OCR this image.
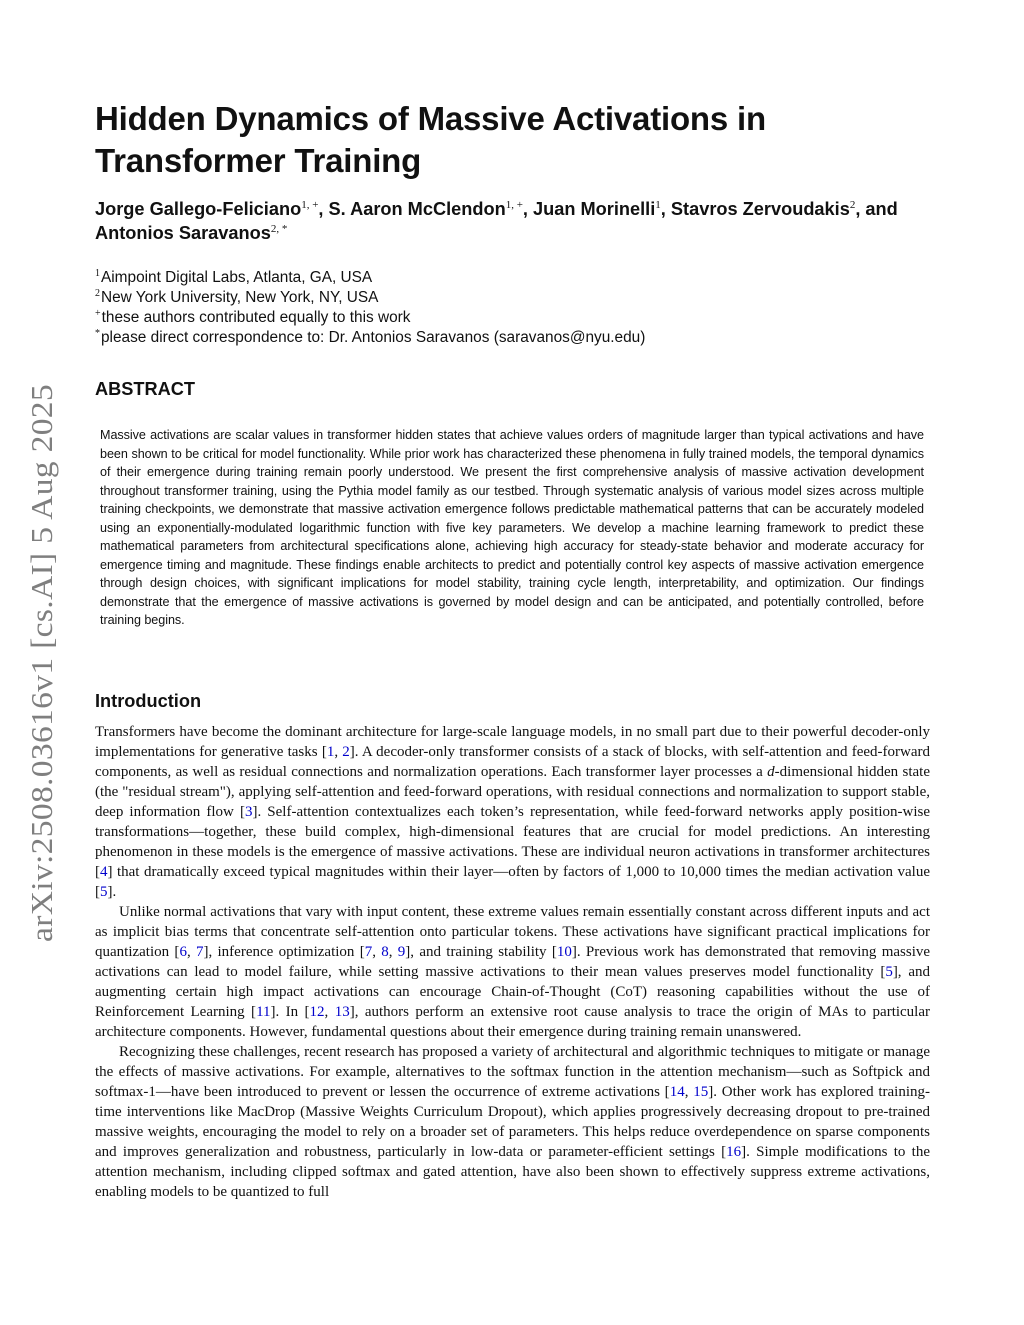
arXiv:2508.03616v1 [cs.AI] 5 Aug 2025
Hidden Dynamics of Massive Activations in Transformer Training
Jorge Gallego-Feliciano$^{1, +}$, S. Aaron McClendon$^{1, +}$, Juan Morinelli$^1$, Stavros Zervoudakis$^2$, and Antonios Saravanos$^{2, *}$
$^1$Aimpoint Digital Labs, Atlanta, GA, USA
$^2$New York University, New York, NY, USA
+these authors contributed equally to this work
*please direct correspondence to: Dr. Antonios Saravanos (saravanos@nyu.edu)
ABSTRACT

Massive activations are scalar values in transformer hidden states that achieve values orders of magnitude larger than typical activations and have been shown to be critical for model functionality. While prior work has characterized these phenomena in fully trained models, the temporal dynamics of their emergence during training remain poorly understood. We present the first comprehensive analysis of massive activation development throughout transformer training, using the Pythia model family as our testbed. Through systematic analysis of various model sizes across multiple training checkpoints, we demonstrate that massive activation emergence follows predictable mathematical patterns that can be accurately modeled using an exponentially-modulated logarithmic function with five key parameters. We develop a machine learning framework to predict these mathematical parameters from architectural specifications alone, achieving high accuracy for steady-state behavior and moderate accuracy for emergence timing and magnitude. These findings enable architects to predict and potentially control key aspects of massive activation emergence through design choices, with significant implications for model stability, training cycle length, interpretability, and optimization. Our findings demonstrate that the emergence of massive activations is governed by model design and can be anticipated, and potentially controlled, before training begins.

Introduction

Transformers have become the dominant architecture for large-scale language models, in no small part due to their powerful decoder-only implementations for generative tasks [1, 2]. A decoder-only transformer consists of a stack of blocks, with self-attention and feed-forward components, as well as residual connections and normalization operations. Each transformer layer processes a d-dimensional hidden state (the "residual stream"), applying self-attention and feed-forward operations, with residual connections and normalization to support stable, deep information flow [3]. Self-attention contextualizes each token’s representation, while feed-forward networks apply position-wise transformations—together, these build complex, high-dimensional features that are crucial for model predictions. An interesting phenomenon in these models is the emergence of massive activations. These are individual neuron activations in transformer architectures [4] that dramatically exceed typical magnitudes within their layer—often by factors of 1,000 to 10,000 times the median activation value [5].

Unlike normal activations that vary with input content, these extreme values remain essentially constant across different inputs and act as implicit bias terms that concentrate self-attention onto particular tokens. These activations have significant practical implications for quantization [6, 7], inference optimization [7, 8, 9], and training stability [10]. Previous work has demonstrated that removing massive activations can lead to model failure, while setting massive activations to their mean values preserves model functionality [5], and augmenting certain high impact activations can encourage Chain-of-Thought (CoT) reasoning capabilities without the use of Reinforcement Learning [11]. In [12, 13], authors perform an extensive root cause analysis to trace the origin of MAs to particular architecture components. However, fundamental questions about their emergence during training remain unanswered.

Recognizing these challenges, recent research has proposed a variety of architectural and algorithmic techniques to mitigate or manage the effects of massive activations. For example, alternatives to the softmax function in the attention mechanism—such as Softpick and softmax-1—have been introduced to prevent or lessen the occurrence of extreme activations [14, 15]. Other work has explored training-time interventions like MacDrop (Massive Weights Curriculum Dropout), which applies progressively decreasing dropout to pre-trained massive weights, encouraging the model to rely on a broader set of parameters. This helps reduce overdependence on sparse components and improves generalization and robustness, particularly in low-data or parameter-efficient settings [16]. Simple modifications to the attention mechanism, including clipped softmax and gated attention, have also been shown to effectively suppress extreme activations, enabling models to be quantized to full
